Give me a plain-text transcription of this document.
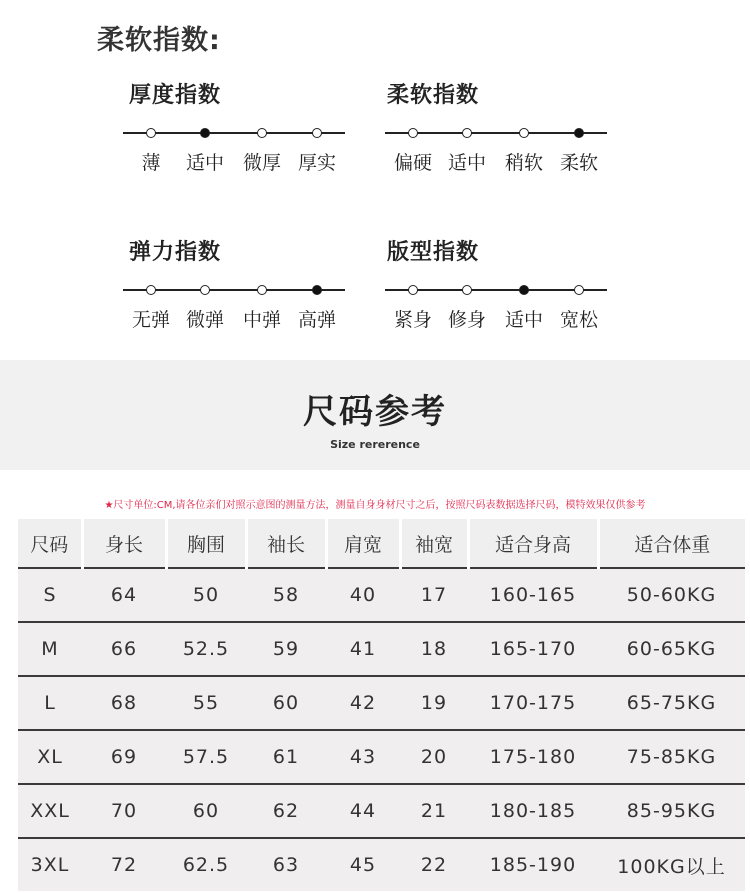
柔软指数:
厚度指数
薄 适中 微厚 厚实
柔软指数
偏硬 适中 稍软 柔软
弹力指数
无弹 微弹 中弹 高弹
版型指数
紧身 修身 适中 宽松
尺码参考
Size rererence
★尺寸单位:CM,请各位亲们对照示意图的测量方法，测量自身身材尺寸之后，按照尺码表数据选择尺码，模特效果仅供参考
尺码	身长	胸围	袖长	肩宽	袖宽	适合身高	适合体重
S	64	50	58	40	17	160-165	50-60KG
M	66	52.5	59	41	18	165-170	60-65KG
L	68	55	60	42	19	170-175	65-75KG
XL	69	57.5	61	43	20	175-180	75-85KG
XXL	70	60	62	44	21	180-185	85-95KG
3XL	72	62.5	63	45	22	185-190	100KG以上
